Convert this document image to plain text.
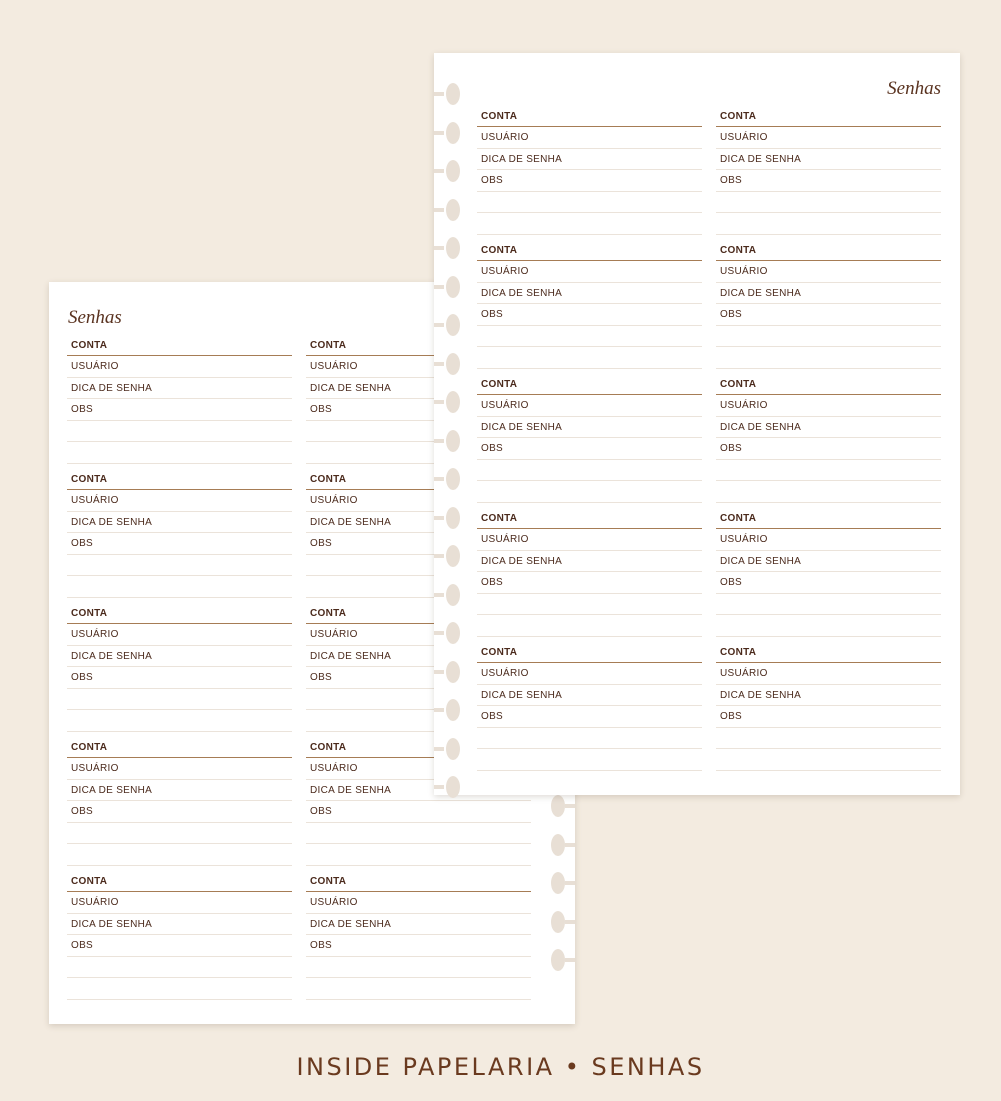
Senhas
CONTA
USUÁRIO
DICA DE SENHA
OBS
CONTA
USUÁRIO
DICA DE SENHA
OBS
CONTA
USUÁRIO
DICA DE SENHA
OBS
CONTA
USUÁRIO
DICA DE SENHA
OBS
CONTA
USUÁRIO
DICA DE SENHA
OBS
CONTA
USUÁRIO
DICA DE SENHA
OBS
CONTA
USUÁRIO
DICA DE SENHA
OBS
CONTA
USUÁRIO
DICA DE SENHA
OBS
CONTA
USUÁRIO
DICA DE SENHA
OBS
CONTA
USUÁRIO
DICA DE SENHA
OBS
Senhas
CONTA
USUÁRIO
DICA DE SENHA
OBS
CONTA
USUÁRIO
DICA DE SENHA
OBS
CONTA
USUÁRIO
DICA DE SENHA
OBS
CONTA
USUÁRIO
DICA DE SENHA
OBS
CONTA
USUÁRIO
DICA DE SENHA
OBS
CONTA
USUÁRIO
DICA DE SENHA
OBS
CONTA
USUÁRIO
DICA DE SENHA
OBS
CONTA
USUÁRIO
DICA DE SENHA
OBS
CONTA
USUÁRIO
DICA DE SENHA
OBS
CONTA
USUÁRIO
DICA DE SENHA
OBS
INSIDE PAPELARIA • SENHAS
